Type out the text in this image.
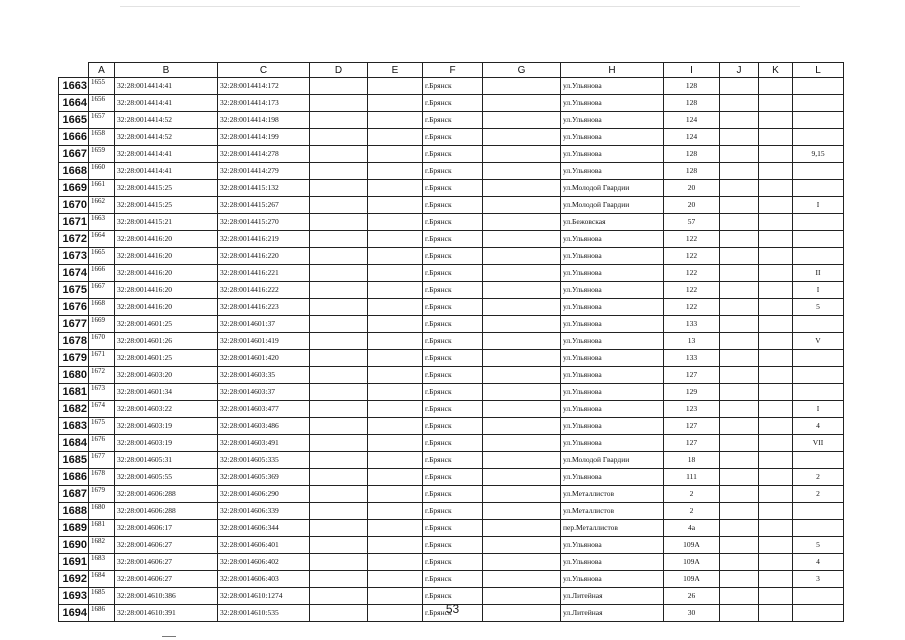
	A	B	C	D	E	F	G	H	I	J	K	L
1663	1655	32:28:0014414:41	32:28:0014414:172			г.Брянск		ул.Ульянова	128			
1664	1656	32:28:0014414:41	32:28:0014414:173			г.Брянск		ул.Ульянова	128			
1665	1657	32:28:0014414:52	32:28:0014414:198			г.Брянск		ул.Ульянова	124			
1666	1658	32:28:0014414:52	32:28:0014414:199			г.Брянск		ул.Ульянова	124			
1667	1659	32:28:0014414:41	32:28:0014414:278			г.Брянск		ул.Ульянова	128			9,15
1668	1660	32:28:0014414:41	32:28:0014414:279			г.Брянск		ул.Ульянова	128			
1669	1661	32:28:0014415:25	32:28:0014415:132			г.Брянск		ул.Молодой Гвардии	20			
1670	1662	32:28:0014415:25	32:28:0014415:267			г.Брянск		ул.Молодой Гвардии	20			I
1671	1663	32:28:0014415:21	32:28:0014415:270			г.Брянск		ул.Бежовская	57			
1672	1664	32:28:0014416:20	32:28:0014416:219			г.Брянск		ул.Ульянова	122			
1673	1665	32:28:0014416:20	32:28:0014416:220			г.Брянск		ул.Ульянова	122			
1674	1666	32:28:0014416:20	32:28:0014416:221			г.Брянск		ул.Ульянова	122			II
1675	1667	32:28:0014416:20	32:28:0014416:222			г.Брянск		ул.Ульянова	122			I
1676	1668	32:28:0014416:20	32:28:0014416:223			г.Брянск		ул.Ульянова	122			5
1677	1669	32:28:0014601:25	32:28:0014601:37			г.Брянск		ул.Ульянова	133			
1678	1670	32:28:0014601:26	32:28:0014601:419			г.Брянск		ул.Ульянова	13			V
1679	1671	32:28:0014601:25	32:28:0014601:420			г.Брянск		ул.Ульянова	133			
1680	1672	32:28:0014603:20	32:28:0014603:35			г.Брянск		ул.Ульянова	127			
1681	1673	32:28:0014601:34	32:28:0014603:37			г.Брянск		ул.Ульянова	129			
1682	1674	32:28:0014603:22	32:28:0014603:477			г.Брянск		ул.Ульянова	123			I
1683	1675	32:28:0014603:19	32:28:0014603:486			г.Брянск		ул.Ульянова	127			4
1684	1676	32:28:0014603:19	32:28:0014603:491			г.Брянск		ул.Ульянова	127			VII
1685	1677	32:28:0014605:31	32:28:0014605:335			г.Брянск		ул.Молодой Гвардии	18			
1686	1678	32:28:0014605:55	32:28:0014605:369			г.Брянск		ул.Ульянова	111			2
1687	1679	32:28:0014606:288	32:28:0014606:290			г.Брянск		ул.Металлистов	2			2
1688	1680	32:28:0014606:288	32:28:0014606:339			г.Брянск		ул.Металлистов	2			
1689	1681	32:28:0014606:17	32:28:0014606:344			г.Брянск		пер.Металлистов	4а			
1690	1682	32:28:0014606:27	32:28:0014606:401			г.Брянск		ул.Ульянова	109А			5
1691	1683	32:28:0014606:27	32:28:0014606:402			г.Брянск		ул.Ульянова	109А			4
1692	1684	32:28:0014606:27	32:28:0014606:403			г.Брянск		ул.Ульянова	109А			3
1693	1685	32:28:0014610:386	32:28:0014610:1274			г.Брянск		ул.Литейная	26			
1694	1686	32:28:0014610:391	32:28:0014610:535			г.Брянск		ул.Литейная	30			
53
